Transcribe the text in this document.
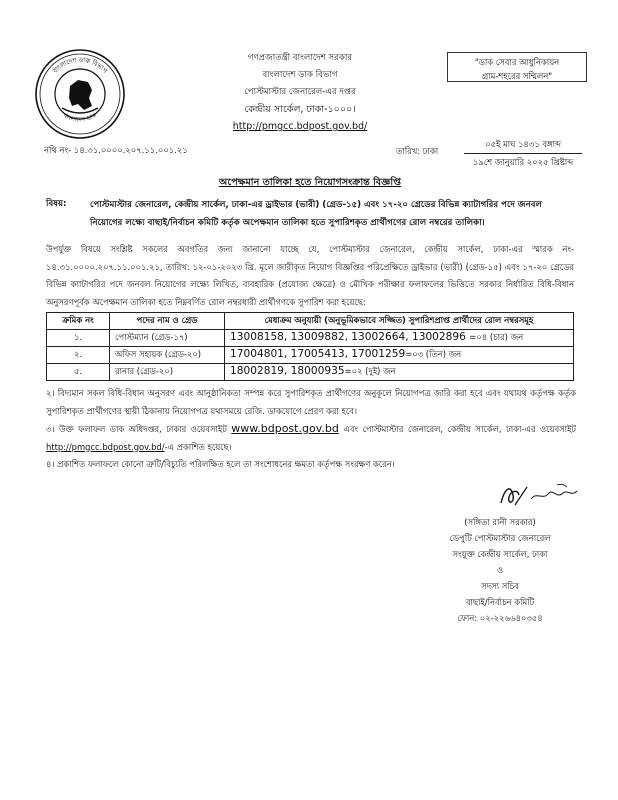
বাংলাদেশ ডাক বিভাগ
বাংলাদেশ ডাক
গণপ্রজাতন্ত্রী বাংলাদেশ সরকার
বাংলাদেশ ডাক বিভাগ
পোস্টমাস্টার জেনারেল-এর দপ্তর
কেন্দ্রীয় সার্কেল, ঢাকা-১০০০।
http://pmgcc.bdpost.gov.bd/
"ডাক সেবার আধুনিকায়ন
গ্রাম-শহরের সম্মিলন"
নথি নং- ১৪.৩১.০০০০.২০৭.১১.০০১.২১	তারিখ: ঢাকা
০৫ই মাঘ ১৪৩১ বঙ্গাব্দ
১৯শে জানুয়ারি ২০২৫ খ্রিষ্টাব্দ
অপেক্ষমান তালিকা হতে নিয়োগসংক্রান্ত বিজ্ঞপ্তি
বিষয়:	পোস্টমাস্টার জেনারেল, কেন্দ্রীয় সার্কেল, ঢাকা-এর ড্রাইভার (ভারী) (গ্রেড-১৫) এবং ১৭-২০ গ্রেডের বিভিন্ন ক্যাটাগরির পদে জনবল নিয়োগের লক্ষ্যে বাছাই/নির্বাচন কমিটি কর্তৃক অপেক্ষমান তালিকা হতে সুপারিশকৃত প্রার্থীগণের রোল নম্বরের তালিকা।
উপর্যুক্ত বিষয়ে সংশ্লিষ্ট সকলের অবগতির জন্য জানানো যাচ্ছে যে, পোস্টমাস্টার জেনারেল, কেন্দ্রীয় সার্কেল, ঢাকা-এর স্মারক নং- ১৪.৩১.০০০০.২০৭.১১.০০১.২১, তারিখ: ১২-০১-২০২৩ খ্রি. মূলে জারীকৃত নিয়োগ বিজ্ঞপ্তির পরিপ্রেক্ষিতে ড্রাইভার (ভারী) (গ্রেড-১৫) এবং ১৭-২০ গ্রেডের বিভিন্ন ক্যাটাগরির পদে জনবল নিয়োগের লক্ষ্যে লিখিত, ব্যবহারিক (প্রযোজ্য ক্ষেত্রে) ও মৌখিক পরীক্ষার ফলাফলের ভিত্তিতে সরকার নির্ধারিত বিধি-বিধান অনুসরণপূর্বক অপেক্ষমান তালিকা হতে নিম্নবর্ণিত রোল নম্বরধারী প্রার্থীগণকে সুপারিশ করা হয়েছে:
ক্রমিক নং	পদের নাম ও গ্রেড	মেধাক্রম অনুযায়ী (অনুভূমিকভাবে সজ্জিত) সুপারিশপ্রাপ্ত প্রার্থীদের রোল নম্বরসমূহ
১.	পোস্টম্যান (গ্রেড-১৭)	13008158, 13009882, 13002664, 13002896 =০৪ (চার) জন
২.	অফিস সহায়ক (গ্রেড-২০)	17004801, 17005413, 17001259=০৩ (তিন) জন
৫.	রানার (গ্রেড-২০)	18002819, 18000935=০২ (দুই) জন
২। বিদ্যমান সকল বিধি-বিধান অনুসরণ এবং আনুষ্ঠানিকতা সম্পন্ন করে সুপারিশকৃত প্রার্থীগণের অনুকূলে নিয়োগপত্র জারি করা হবে এবং যথাযথ কর্তৃপক্ষ কর্তৃক সুপারিশকৃত প্রার্থীগণের স্থায়ী ঠিকানায় নিয়োগপত্র যথাসময়ে রেজি. ডাকযোগে প্রেরণ করা হবে।
৩। উক্ত ফলাফল ডাক অধিদপ্তর, ঢাকার ওয়েবসাইট www.bdpost.gov.bd এবং পোস্টমাস্টার জেনারেল, কেন্দ্রীয় সার্কেল, ঢাকা-এর ওয়েবসাইট http://pmgcc.bdpost.gov.bd/-এ প্রকাশিত হয়েছে।
৪। প্রকাশিত ফলাফলে কোনো ত্রুটি/বিচ্যুতি পরিলক্ষিত হলে তা সংশোধনের ক্ষমতা কর্তৃপক্ষ সংরক্ষণ করেন।
(সঙ্গিতা রানী সরকার)
ডেপুটি পোস্টমাস্টার জেনারেল
সংযুক্ত কেন্দ্রীয় সার্কেল, ঢাকা
ও
সদস্য সচিব
বাছাই/নির্বাচন কমিটি
ফোন: ০২-২২৬৬৪০৩৫৪
